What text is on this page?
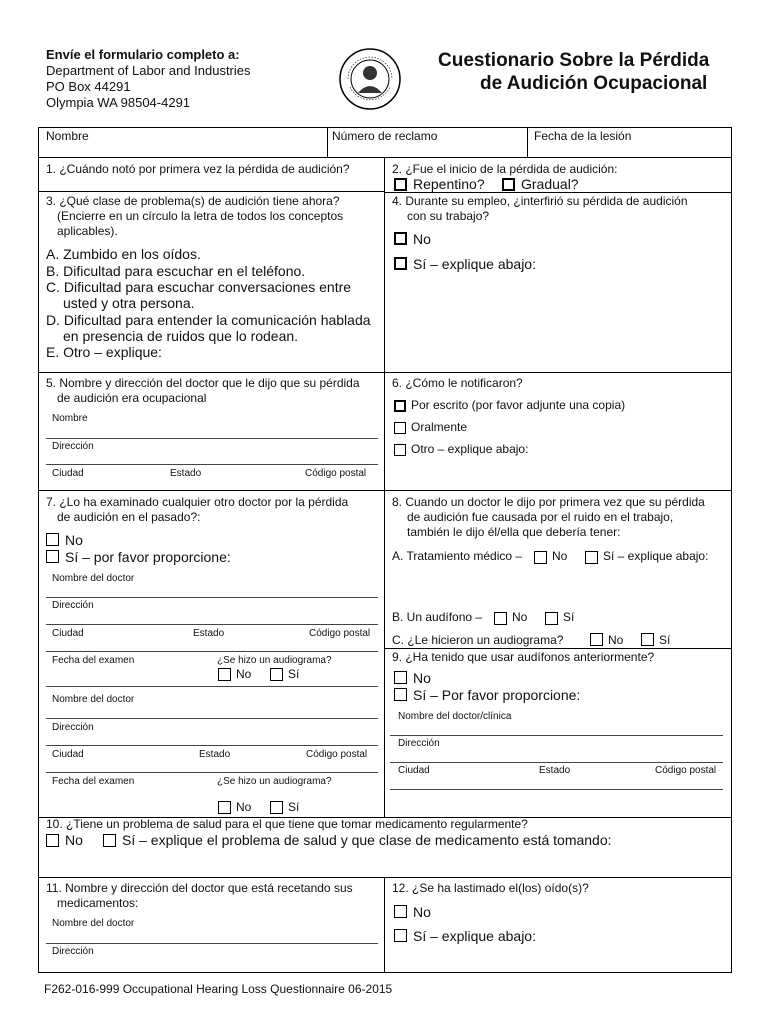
Envíe el formulario completo a:
Department of Labor and Industries
PO Box 44291
Olympia WA 98504-4291
Cuestionario Sobre la Pérdida
de Audición Ocupacional
Nombre	Número de reclamo	Fecha de la lesión
1. ¿Cuándo notó por primera vez la pérdida de audición?	2. ¿Fue el inicio de la pérdida de audición:
Repentino?	Gradual?
3. ¿Qué clase de problema(s) de audición tiene ahora?
(Encierre en un círculo la letra de todos los conceptos
aplicables).
A. Zumbido en los oídos.
B. Dificultad para escuchar en el teléfono.
C. Dificultad para escuchar conversaciones entre
usted y otra persona.
D. Dificultad para entender la comunicación hablada
en presencia de ruidos que lo rodean.
E. Otro – explique:
4. Durante su empleo, ¿interfirió su pérdida de audición
con su trabajo?
No
Sí – explique abajo:
5. Nombre y dirección del doctor que le dijo que su pérdida
de audición era ocupacional
Nombre
Dirección
Ciudad	Estado	Código postal
6. ¿Cómo le notificaron?
Por escrito (por favor adjunte una copia)
Oralmente
Otro – explique abajo:
7. ¿Lo ha examinado cualquier otro doctor por la pérdida
de audición en el pasado?:
No
Sí – por favor proporcione:
Nombre del doctor
Dirección
Ciudad	Estado	Código postal
Fecha del examen	¿Se hizo un audiograma?
No	Sí
Nombre del doctor
Dirección
Ciudad	Estado	Código postal
Fecha del examen	¿Se hizo un audiograma?
No	Sí
8. Cuando un doctor le dijo por primera vez que su pérdida
de audición fue causada por el ruido en el trabajo,
también le dijo él/ella que debería tener:
A. Tratamiento médico – No	Sí – explique abajo:
B. Un audífono – No	Sí
C. ¿Le hicieron un audiograma?	No	Sí
9. ¿Ha tenido que usar audífonos anteriormente?
No
Sí – Por favor proporcione:
Nombre del doctor/clínica
Dirección
Ciudad	Estado	Código postal
10. ¿Tiene un problema de salud para el que tiene que tomar medicamento regularmente?
No	Sí – explique el problema de salud y que clase de medicamento está tomando:
11. Nombre y dirección del doctor que está recetando sus
medicamentos:
Nombre del doctor
Dirección
12. ¿Se ha lastimado el(los) oído(s)?
No
Sí – explique abajo:
F262-016-999 Occupational Hearing Loss Questionnaire 06-2015
